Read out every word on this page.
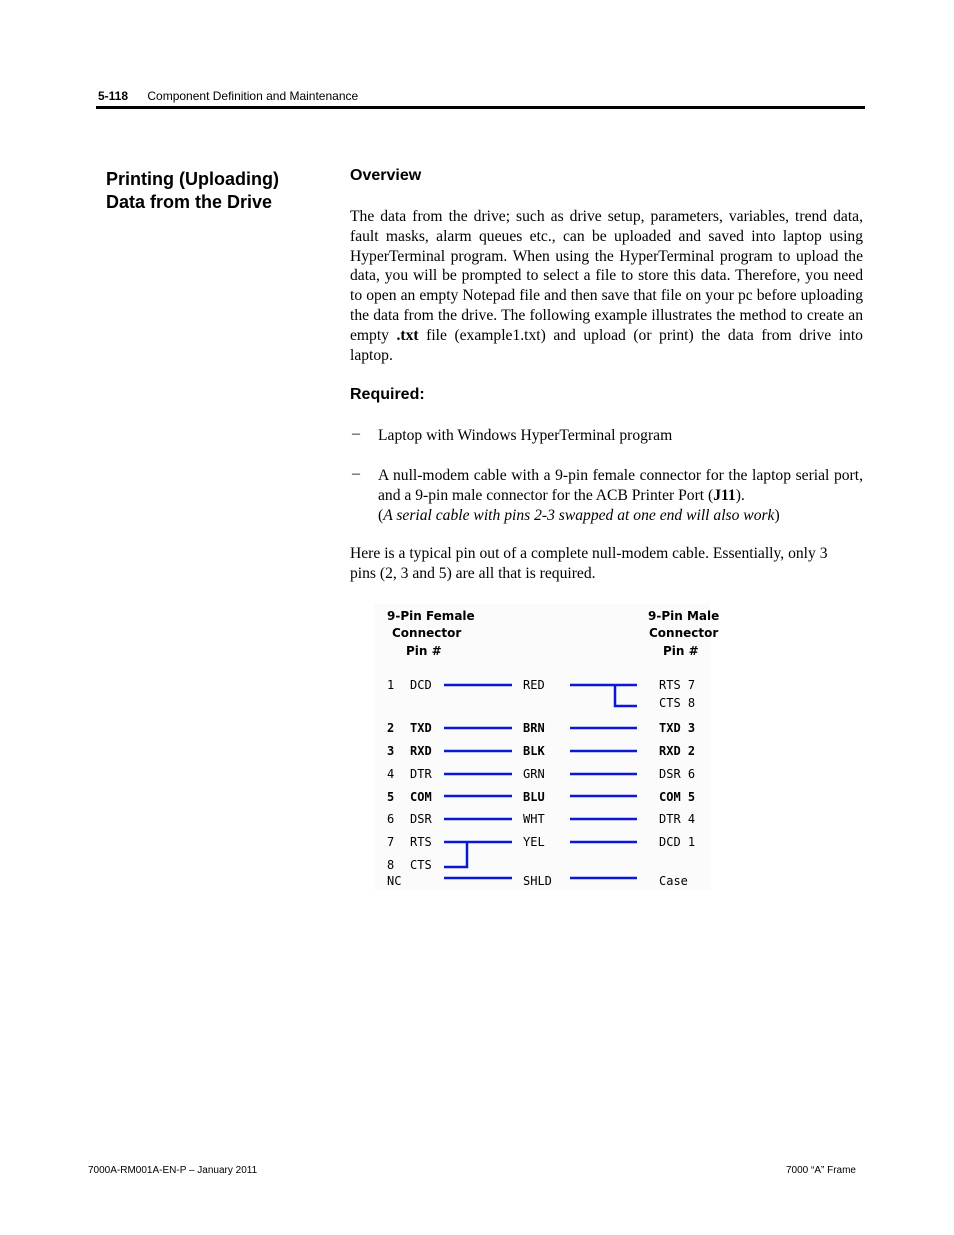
5-118 Component Definition and Maintenance
Printing (Uploading)
Data from the Drive
Overview
The data from the drive; such as drive setup, parameters, variables, trend data, fault masks, alarm queues etc., can be uploaded and saved into laptop using HyperTerminal program. When using the HyperTerminal program to upload the data, you will be prompted to select a file to store this data. Therefore, you need to open an empty Notepad file and then save that file on your pc before uploading the data from the drive. The following example illustrates the method to create an empty .txt file (example1.txt) and upload (or print) the data from drive into laptop.
Required:
– Laptop with Windows HyperTerminal program
– A null-modem cable with a 9-pin female connector for the laptop serial port, and a 9-pin male connector for the ACB Printer Port (J11).
(A serial cable with pins 2-3 swapped at one end will also work)
Here is a typical pin out of a complete null-modem cable. Essentially, only 3 pins (2, 3 and 5) are all that is required.
9-Pin Female
Connector
Pin #
9-Pin Male
Connector
Pin #
1 DCD	RED	RTS 7
CTS 8
2 TXD	BRN	TXD 3
3 RXD	BLK	RXD 2
4 DTR	GRN	DSR 6
5 COM	BLU	COM 5
6 DSR	WHT	DTR 4
7 RTS	YEL	DCD 1
8 CTS
NC	SHLD	Case
7000A-RM001A-EN-P – January 2011	7000 “A” Frame
